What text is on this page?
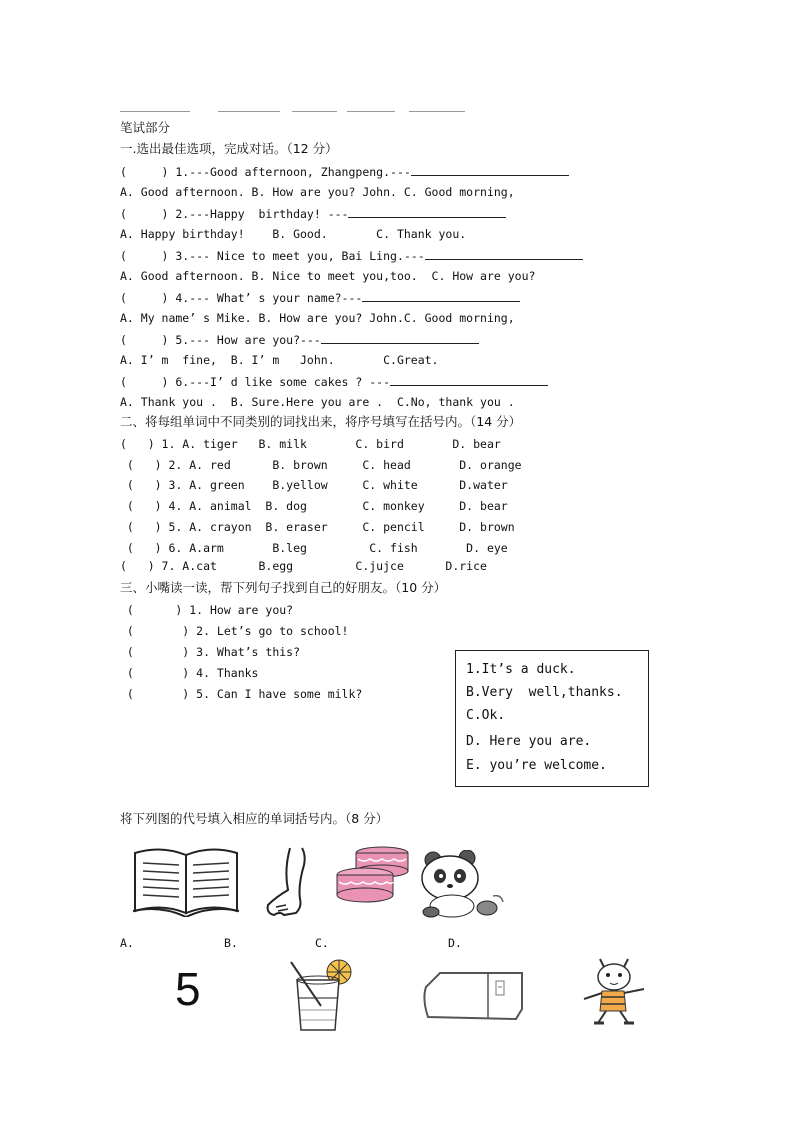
笔试部分
一.选出最佳选项，完成对话。（12 分）
(     ) 1.---Good afternoon, Zhangpeng.---
A. Good afternoon. B. How are you? John. C. Good morning,
(     ) 2.---Happy  birthday! ---
A. Happy birthday!    B. Good.       C. Thank you.
(     ) 3.--- Nice to meet you, Bai Ling.---
A. Good afternoon. B. Nice to meet you,too.  C. How are you?
(     ) 4.--- What’ s your name?---
A. My name’ s Mike. B. How are you? John.C. Good morning,
(     ) 5.--- How are you?---
A. I’ m  fine,  B. I’ m   John.       C.Great.
(     ) 6.---I’ d like some cakes ? ---
A. Thank you .  B. Sure.Here you are .  C.No, thank you .
二、将每组单词中不同类别的词找出来，将序号填写在括号内。（14 分）
(   ) 1. A. tiger   B. milk       C. bird       D. bear
(   ) 2. A. red      B. brown     C. head       D. orange
(   ) 3. A. green    B.yellow     C. white      D.water
(   ) 4. A. animal  B. dog        C. monkey     D. bear
(   ) 5. A. crayon  B. eraser     C. pencil     D. brown
(   ) 6. A.arm       B.leg         C. fish       D. eye
(   ) 7. A.cat      B.egg         C.jujce      D.rice
三、小嘴读一读，帮下列句子找到自己的好朋友。（10 分）
(      ) 1. How are you?
(       ) 2. Let’s go to school!
(       ) 3. What’s this?
(       ) 4. Thanks
(       ) 5. Can I have some milk?
1.It’s a duck.
B.Very  well,thanks.
C.Ok.
D. Here you are.
E. you’re welcome.
将下列图的代号填入相应的单词括号内。（8 分）
A.	B.	C.	D.
5
